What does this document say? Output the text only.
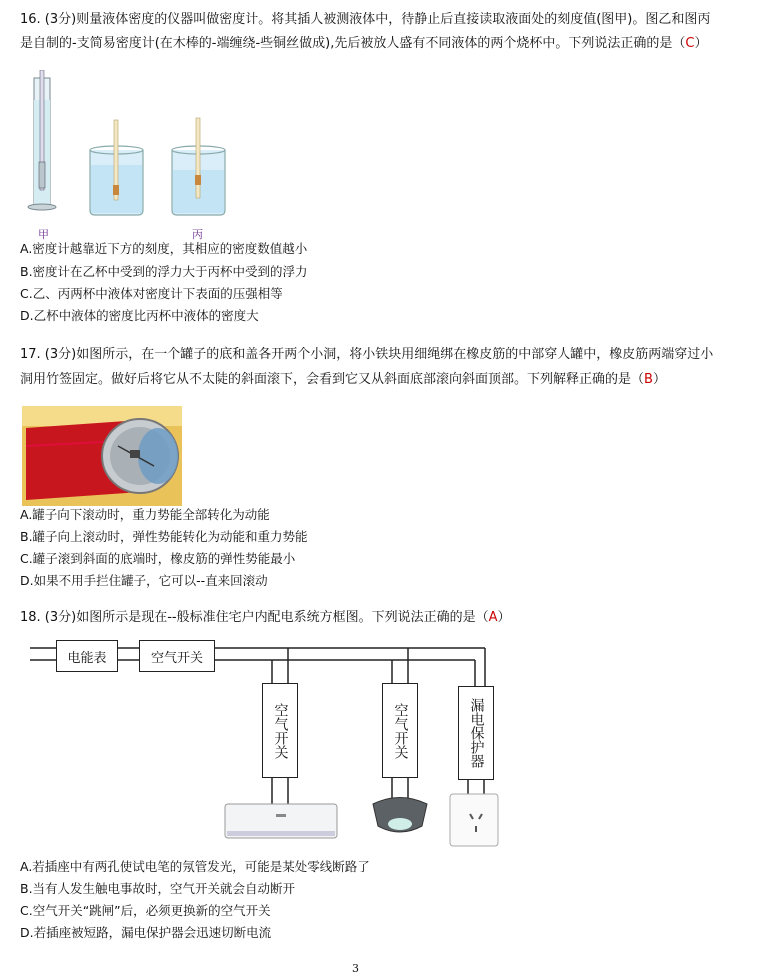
16. (3分)则量液体密度的仪器叫做密度计。将其插人被测液体中，待静止后直接读取液面处的刻度值(图甲)。图乙和图丙是自制的-支简易密度计(在木棒的-端缠绕-些铜丝做成),先后被放人盛有不同液体的两个烧杯中。下列说法正确的是（C）

甲	丙
A.密度计越靠近下方的刻度，其相应的密度数值越小
B.密度计在乙杯中受到的浮力大于丙杯中受到的浮力
C.乙、丙两杯中液体对密度计下表面的压强相等
D.乙杯中液体的密度比丙杯中液体的密度大

17. (3分)如图所示，在一个罐子的底和盖各开两个小洞，将小铁块用细绳绑在橡皮筋的中部穿人罐中，橡皮筋两端穿过小洞用竹签固定。做好后将它从不太陡的斜面滚下，会看到它又从斜面底部滚向斜面顶部。下列解释正确的是（B）

A.罐子向下滚动时，重力势能全部转化为动能
B.罐子向上滚动时，弹性势能转化为动能和重力势能
C.罐子滚到斜面的底端时，橡皮筋的弹性势能最小
D.如果不用手拦住罐子，它可以--直来回滚动

18. (3分)如图所示是现在--般标准住宅户内配电系统方框图。下列说法正确的是（A）

电能表	空气开关
空气开关	空气开关	漏电保护器
A.若插座中有两孔使试电笔的氖管发光，可能是某处零线断路了
B.当有人发生触电事故时，空气开关就会自动断开
C.空气开关“跳闸”后，必须更换新的空气开关
D.若插座被短路，漏电保护器会迅速切断电流
3
